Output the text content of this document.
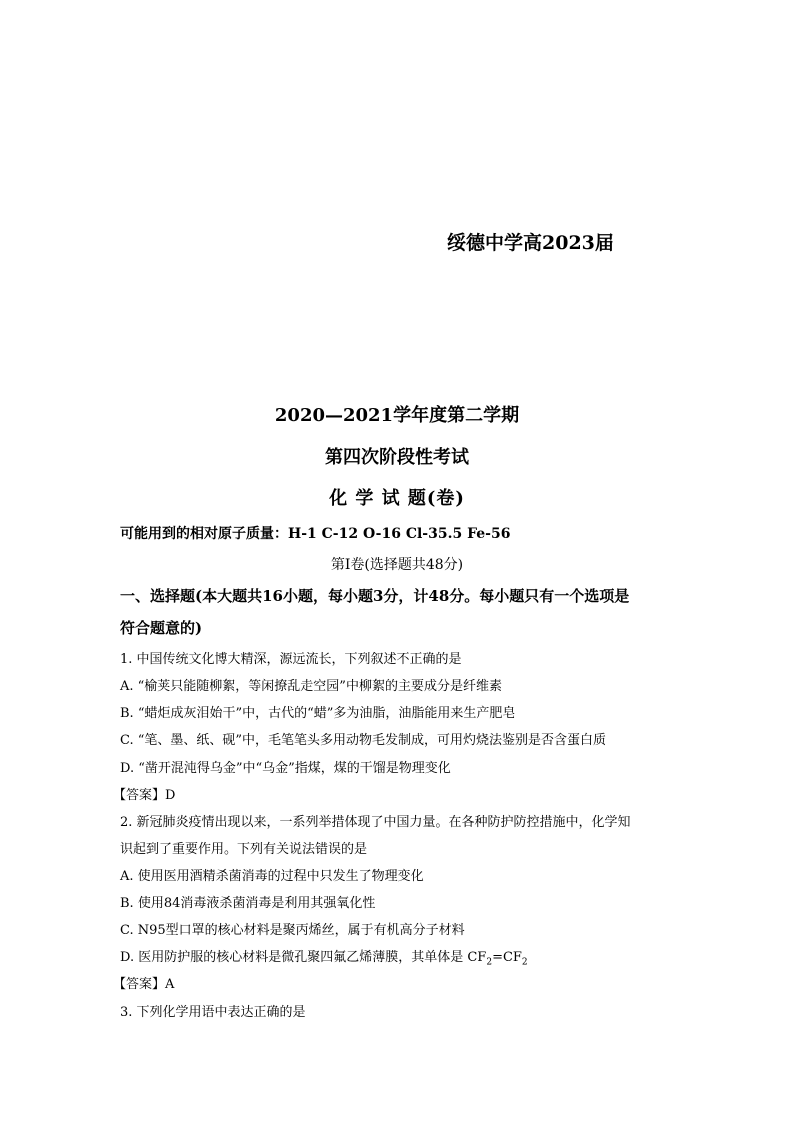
绥德中学高2023届
2020—2021学年度第二学期
第四次阶段性考试
化 学 试 题(卷)
可能用到的相对原子质量：H-1 C-12 O-16 Cl-35.5 Fe-56
第Ⅰ卷(选择题共48分)
一、选择题(本大题共16小题，每小题3分，计48分。每小题只有一个选项是
符合题意的)
1. 中国传统文化博大精深，源远流长，下列叙述不正确的是
A. “榆荚只能随柳絮，等闲撩乱走空园”中柳絮的主要成分是纤维素
B. “蜡炬成灰泪始干”中，古代的“蜡”多为油脂，油脂能用来生产肥皂
C. “笔、墨、纸、砚”中，毛笔笔头多用动物毛发制成，可用灼烧法鉴别是否含蛋白质
D. “凿开混沌得乌金”中“乌金”指煤，煤的干馏是物理变化
【答案】D
2. 新冠肺炎疫情出现以来，一系列举措体现了中国力量。在各种防护防控措施中，化学知
识起到了重要作用。下列有关说法错误的是
A. 使用医用酒精杀菌消毒的过程中只发生了物理变化
B. 使用84消毒液杀菌消毒是利用其强氧化性
C. N95型口罩的核心材料是聚丙烯丝，属于有机高分子材料
D. 医用防护服的核心材料是微孔聚四氟乙烯薄膜，其单体是 $CF_2=CF_2$
【答案】A
3. 下列化学用语中表达正确的是
